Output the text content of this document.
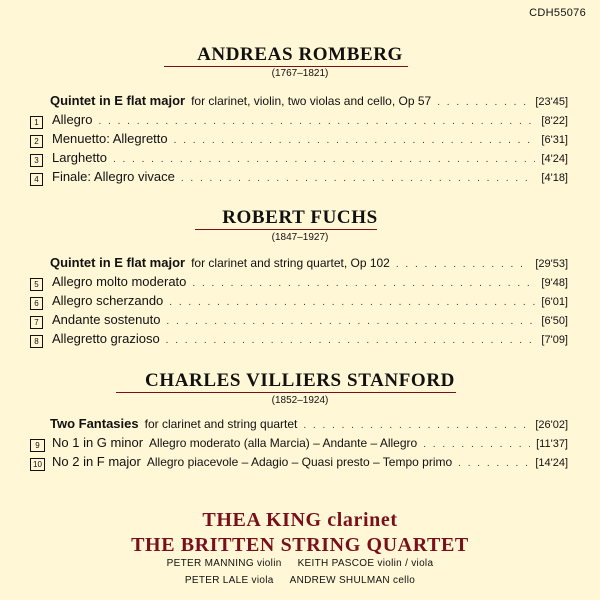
CDH55076
ANDREAS ROMBERG
(1767–1821)
Quintet in E flat major for clarinet, violin, two violas and cello, Op 57 . . .	[23'45]
1	Allegro . . .	[8'22]
2	Menuetto: Allegretto . . .	[6'31]
3	Larghetto . . .	[4'24]
4	Finale: Allegro vivace . . .	[4'18]
ROBERT FUCHS
(1847–1927)
Quintet in E flat major for clarinet and string quartet, Op 102 . . .	[29'53]
5	Allegro molto moderato . . .	[9'48]
6	Allegro scherzando . . .	[6'01]
7	Andante sostenuto . . .	[6'50]
8	Allegretto grazioso . . .	[7'09]
CHARLES VILLIERS STANFORD
(1852–1924)
Two Fantasies for clarinet and string quartet . . .	[26'02]
9 No 1 in G minor Allegro moderato (alla Marcia) – Andante – Allegro . . .	[11'37]
10 No 2 in F major Allegro piacevole – Adagio – Quasi presto – Tempo primo . . .	[14'24]
THEA KING clarinet
THE BRITTEN STRING QUARTET
PETER MANNING violin KEITH PASCOE violin / viola
PETER LALE viola ANDREW SHULMAN cello
